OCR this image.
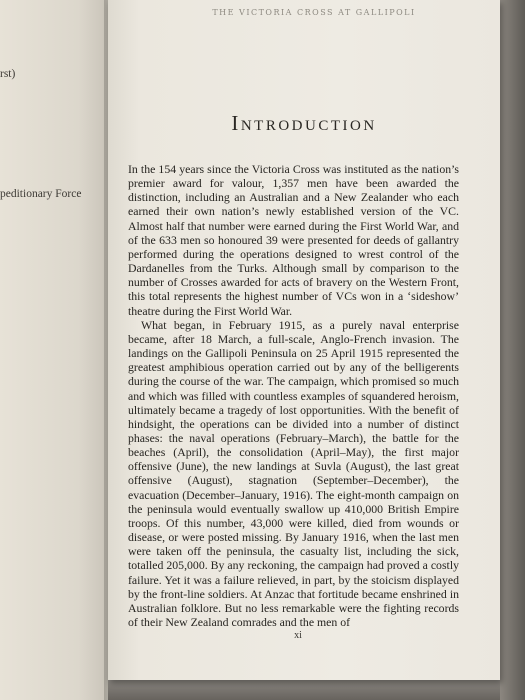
rst)
peditionary Force
THE VICTORIA CROSS AT GALLIPOLI
Introduction

In the 154 years since the Victoria Cross was instituted as the nation’s premier award for valour, 1,357 men have been awarded the distinction, including an Australian and a New Zealander who each earned their own nation’s newly established version of the VC. Almost half that number were earned during the First World War, and of the 633 men so honoured 39 were presented for deeds of gallantry performed during the operations designed to wrest control of the Dardanelles from the Turks. Although small by comparison to the number of Crosses awarded for acts of bravery on the Western Front, this total represents the highest number of VCs won in a ‘sideshow’ theatre during the First World War.

What began, in February 1915, as a purely naval enterprise became, after 18 March, a full-scale, Anglo-French invasion. The landings on the Gallipoli Peninsula on 25 April 1915 represented the greatest amphibious operation carried out by any of the belligerents during the course of the war. The campaign, which promised so much and which was filled with countless examples of squandered heroism, ultimately became a tragedy of lost opportunities. With the benefit of hindsight, the operations can be divided into a number of distinct phases: the naval operations (February–March), the battle for the beaches (April), the consolidation (April–May), the first major offensive (June), the new landings at Suvla (August), the last great offensive (August), stagnation (September–December), the evacuation (December–January, 1916). The eight-month campaign on the peninsula would eventually swallow up 410,000 British Empire troops. Of this number, 43,000 were killed, died from wounds or disease, or were posted missing. By January 1916, when the last men were taken off the peninsula, the casualty list, including the sick, totalled 205,000. By any reckoning, the campaign had proved a costly failure. Yet it was a failure relieved, in part, by the stoicism displayed by the front-line soldiers. At Anzac that fortitude became enshrined in Australian folklore. But no less remarkable were the fighting records of their New Zealand comrades and the men of

xi
